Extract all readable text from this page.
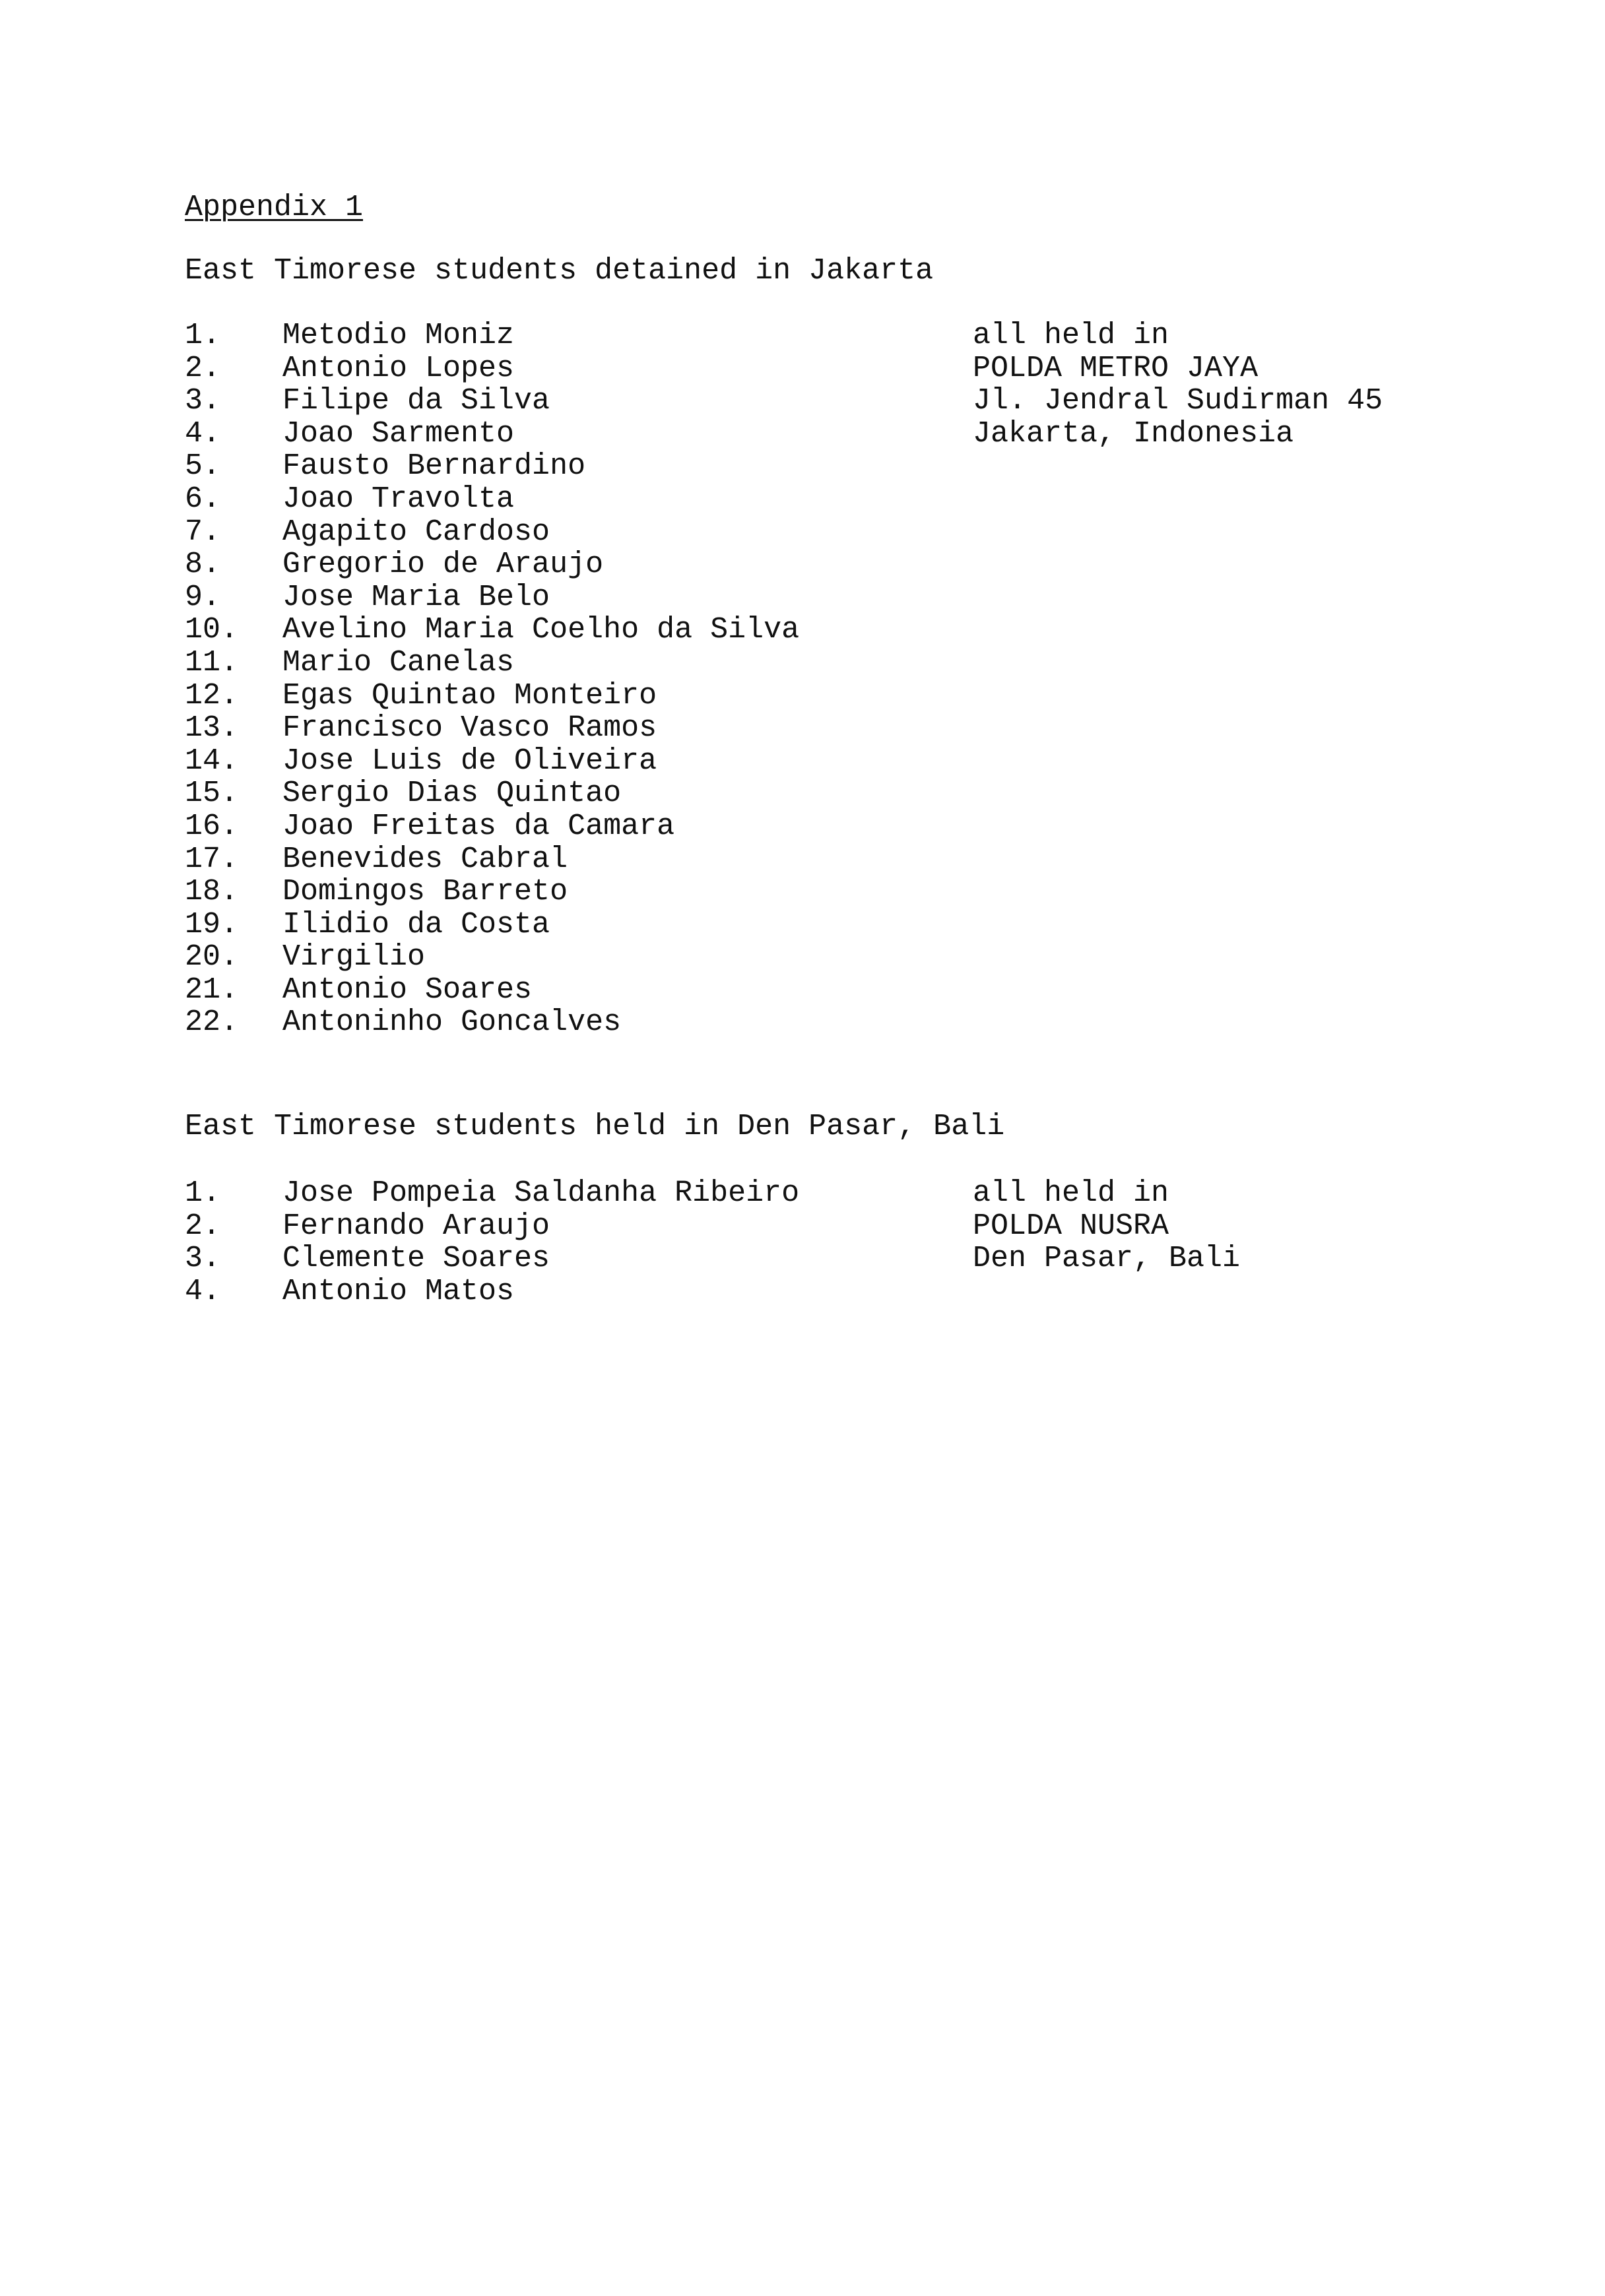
Appendix 1
East Timorese students detained in Jakarta
1. Metodio Moniz
2. Antonio Lopes
3. Filipe da Silva
4. Joao Sarmento
5. Fausto Bernardino
6. Joao Travolta
7. Agapito Cardoso
8. Gregorio de Araujo
9. Jose Maria Belo
10. Avelino Maria Coelho da Silva
11. Mario Canelas
12. Egas Quintao Monteiro
13. Francisco Vasco Ramos
14. Jose Luis de Oliveira
15. Sergio Dias Quintao
16. Joao Freitas da Camara
17. Benevides Cabral
18. Domingos Barreto
19. Ilidio da Costa
20. Virgilio
21. Antonio Soares
22. Antoninho Goncalves
all held in
POLDA METRO JAYA
Jl. Jendral Sudirman 45
Jakarta, Indonesia
East Timorese students held in Den Pasar, Bali
1. Jose Pompeia Saldanha Ribeiro
2. Fernando Araujo
3. Clemente Soares
4. Antonio Matos
all held in
POLDA NUSRA
Den Pasar, Bali
